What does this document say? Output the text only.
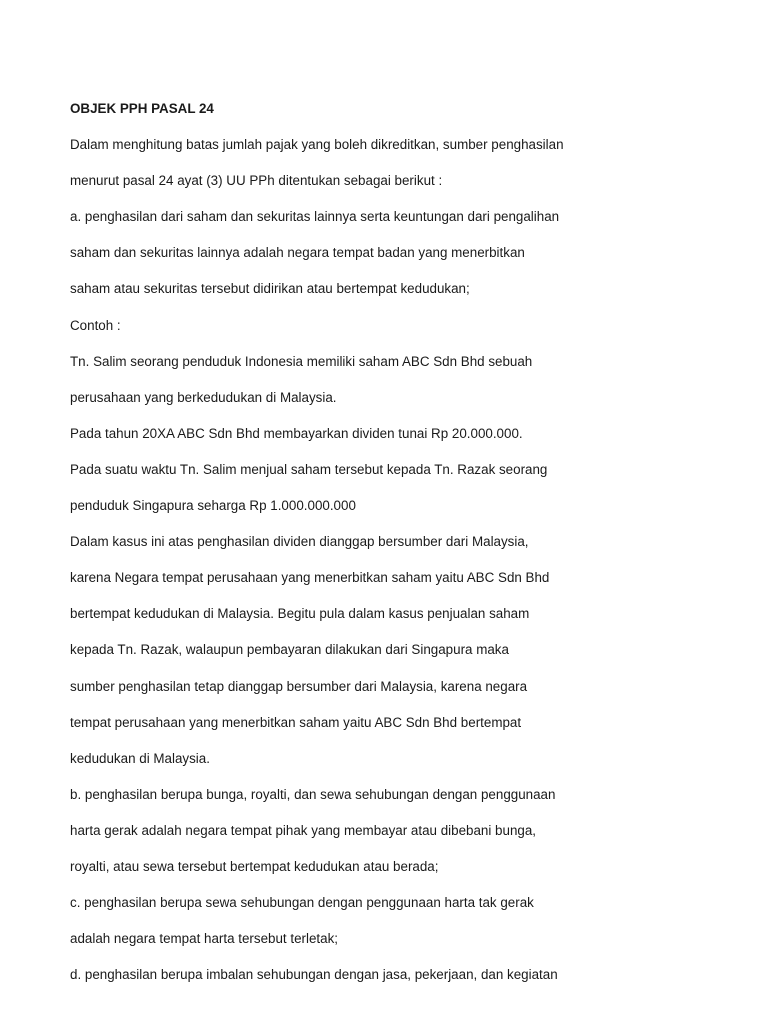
OBJEK PPH PASAL 24
Dalam menghitung batas jumlah pajak yang boleh dikreditkan, sumber penghasilan
menurut pasal 24 ayat (3) UU PPh ditentukan sebagai berikut :
a. penghasilan dari saham dan sekuritas lainnya serta keuntungan dari pengalihan
saham dan sekuritas lainnya adalah negara tempat badan yang menerbitkan
saham atau sekuritas tersebut didirikan atau bertempat kedudukan;
Contoh :
Tn. Salim seorang penduduk Indonesia memiliki saham ABC Sdn Bhd sebuah
perusahaan yang berkedudukan di Malaysia.
Pada tahun 20XA ABC Sdn Bhd membayarkan dividen tunai Rp 20.000.000.
Pada suatu waktu Tn. Salim menjual saham tersebut kepada Tn. Razak seorang
penduduk Singapura seharga Rp 1.000.000.000
Dalam kasus ini atas penghasilan dividen dianggap bersumber dari Malaysia,
karena Negara tempat perusahaan yang menerbitkan saham yaitu ABC Sdn Bhd
bertempat kedudukan di Malaysia. Begitu pula dalam kasus penjualan saham
kepada Tn. Razak, walaupun pembayaran dilakukan dari Singapura maka
sumber penghasilan tetap dianggap bersumber dari Malaysia, karena negara
tempat perusahaan yang menerbitkan saham yaitu ABC Sdn Bhd bertempat
kedudukan di Malaysia.
b. penghasilan berupa bunga, royalti, dan sewa sehubungan dengan penggunaan
harta gerak adalah negara tempat pihak yang membayar atau dibebani bunga,
royalti, atau sewa tersebut bertempat kedudukan atau berada;
c. penghasilan berupa sewa sehubungan dengan penggunaan harta tak gerak
adalah negara tempat harta tersebut terletak;
d. penghasilan berupa imbalan sehubungan dengan jasa, pekerjaan, dan kegiatan
